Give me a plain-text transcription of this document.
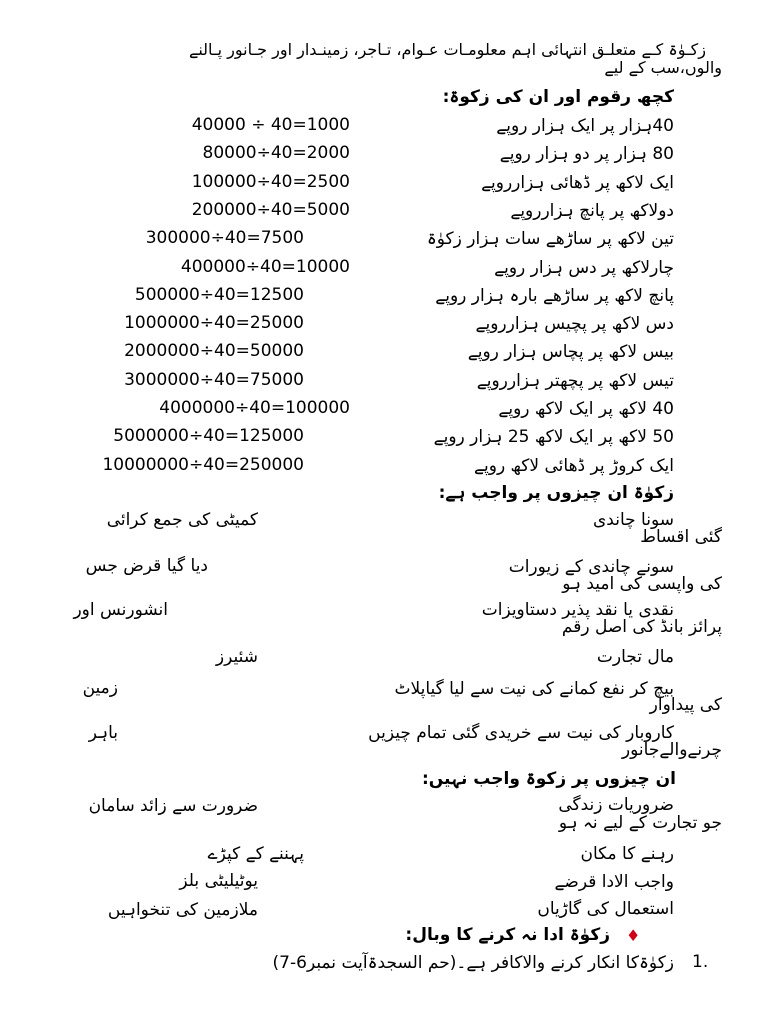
زکـوٰۃ کـے متعلـق انتہائی اہم معلومـات عـوام، تـاجر، زمینـدار اور جـانور پـالنے
والوں،سب کے لیے
کچھ رقوم اور ان کی زکوۃ:
40ہزار پر ایک ہزار روپے
40000 ÷ 40=1000
80 ہزار پر دو ہزار روپے
80000÷40=2000
ایک لاکھ پر ڈھائی ہزارروپے
100000÷40=2500
دولاکھ پر پانچ ہزارروپے
200000÷40=5000
تین لاکھ پر ساڑھے سات ہزار زکوٰۃ
300000÷40=7500
چارلاکھ پر دس ہزار روپے
400000÷40=10000
پانچ لاکھ پر ساڑھے بارہ ہزار روپے
500000÷40=12500
دس لاکھ پر پچیس ہزارروپے
1000000÷40=25000
بیس لاکھ پر پچاس ہزار روپے
2000000÷40=50000
تیس لاکھ پر پچھتر ہزارروپے
3000000÷40=75000
40 لاکھ پر ایک لاکھ روپے
4000000÷40=100000
50 لاکھ پر ایک لاکھ 25 ہزار روپے
5000000÷40=125000
ایک کروڑ پر ڈھائی لاکھ روپے
10000000÷40=250000
زکوٰۃ ان چیزوں پر واجب ہے:
سونا چاندی
کمیٹی کی جمع کرائی
گئی اقساط
سونے چاندی کے زیورات
دیا گیا قرض جس
کی واپسی کی امید ہو
نقدی یا نقد پذیر دستاویزات
انشورنس اور
پرائز بانڈ کی اصل رقم
مال تجارت
شئیرز
بیچ کر نفع کمانے کی نیت سے لیا گیاپلاٹ
زمین
کی پیداوار
کاروبار کی نیت سے خریدی گئی تمام چیزیں
باہر
چرنےوالےجانور
ان چیزوں پر زکوۃ واجب نہیں:
ضروریات زندگی
ضرورت سے زائد سامان
جو تجارت کے لیے نہ ہو
رہنے کا مکان
پہننے کے کپڑے
واجب الادا قرضے
یوٹیلیٹی بلز
استعمال کی گاڑیاں
ملازمین کی تنخواہیں
♦
زکوٰۃ ادا نہ کرنے کا وبال:
1.
زکوٰۃکا انکار کرنے والاکافر ہے۔(حم السجدۃآیت نمبر6-7)
